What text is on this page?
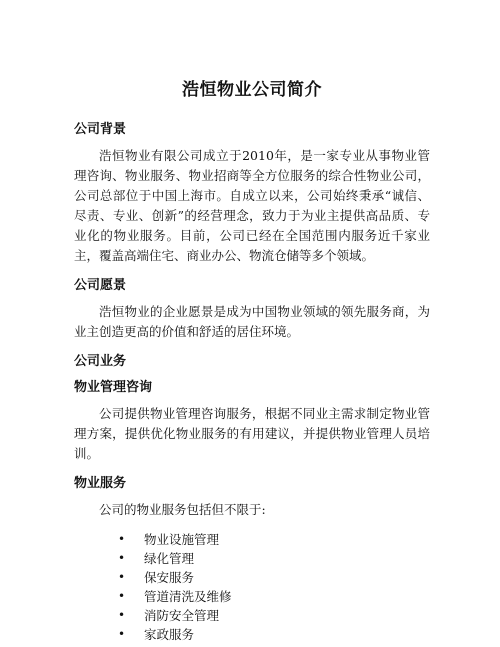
浩恒物业公司简介
公司背景

浩恒物业有限公司成立于2010年，是一家专业从事物业管理咨询、物业服务、物业招商等全方位服务的综合性物业公司，公司总部位于中国上海市。自成立以来，公司始终秉承“诚信、尽责、专业、创新”的经营理念，致力于为业主提供高品质、专业化的物业服务。目前，公司已经在全国范围内服务近千家业主，覆盖高端住宅、商业办公、物流仓储等多个领域。

公司愿景

浩恒物业的企业愿景是成为中国物业领域的领先服务商，为业主创造更高的价值和舒适的居住环境。

公司业务
物业管理咨询

公司提供物业管理咨询服务，根据不同业主需求制定物业管理方案，提供优化物业服务的有用建议，并提供物业管理人员培训。

物业服务

公司的物业服务包括但不限于:

• 物业设施管理
• 绿化管理
• 保安服务
• 管道清洗及维修
• 消防安全管理
• 家政服务
